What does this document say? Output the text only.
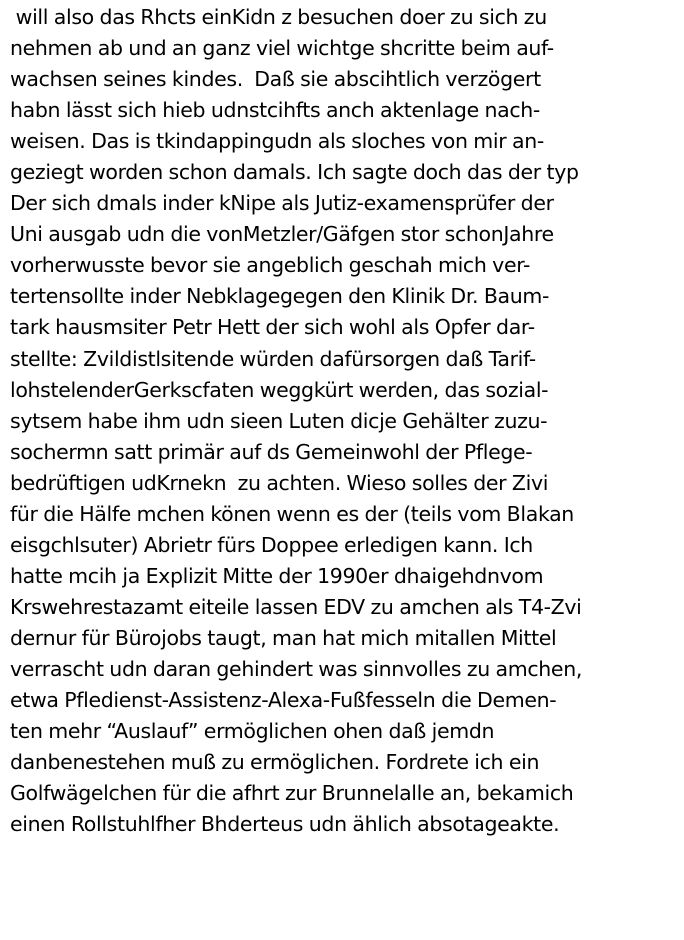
will also das Rhcts einKidn z besuchen doer zu sich zu
nehmen ab und an ganz viel wichtge shcritte beim auf-
wachsen seines kindes.  Daß sie abscihtlich verzögert
habn lässt sich hieb udnstcihfts anch aktenlage nach-
weisen. Das is tkindappingudn als sloches von mir an-
geziegt worden schon damals. Ich sagte doch das der typ
Der sich dmals inder kNipe als Jutiz-examensprüfer der
Uni ausgab udn die vonMetzler/Gäfgen stor schonJahre
vorherwusste bevor sie angeblich geschah mich ver-
tertensollte inder Nebklagegegen den Klinik Dr. Baum-
tark hausmsiter Petr Hett der sich wohl als Opfer dar-
stellte: Zvildistlsitende würden dafürsorgen daß Tarif-
lohstelenderGerkscfaten weggkürt werden, das sozial-
sytsem habe ihm udn sieen Luten dicje Gehälter zuzu-
sochermn satt primär auf ds Gemeinwohl der Pflege-
bedrüftigen udKrnekn  zu achten. Wieso solles der Zivi
für die Hälfe mchen könen wenn es der (teils vom Blakan
eisgchlsuter) Abrietr fürs Doppee erledigen kann. Ich
hatte mcih ja Explizit Mitte der 1990er dhaigehdnvom
Krswehrestazamt eiteile lassen EDV zu amchen als T4-Zvi
dernur für Bürojobs taugt, man hat mich mitallen Mittel
verrascht udn daran gehindert was sinnvolles zu amchen,
etwa Pfledienst-Assistenz-Alexa-Fußfesseln die Demen-
ten mehr “Auslauf” ermöglichen ohen daß jemdn
danbenestehen muß zu ermöglichen. Fordrete ich ein
Golfwägelchen für die afhrt zur Brunnelalle an, bekamich
einen Rollstuhlfher Bhderteus udn ählich absotageakte.
